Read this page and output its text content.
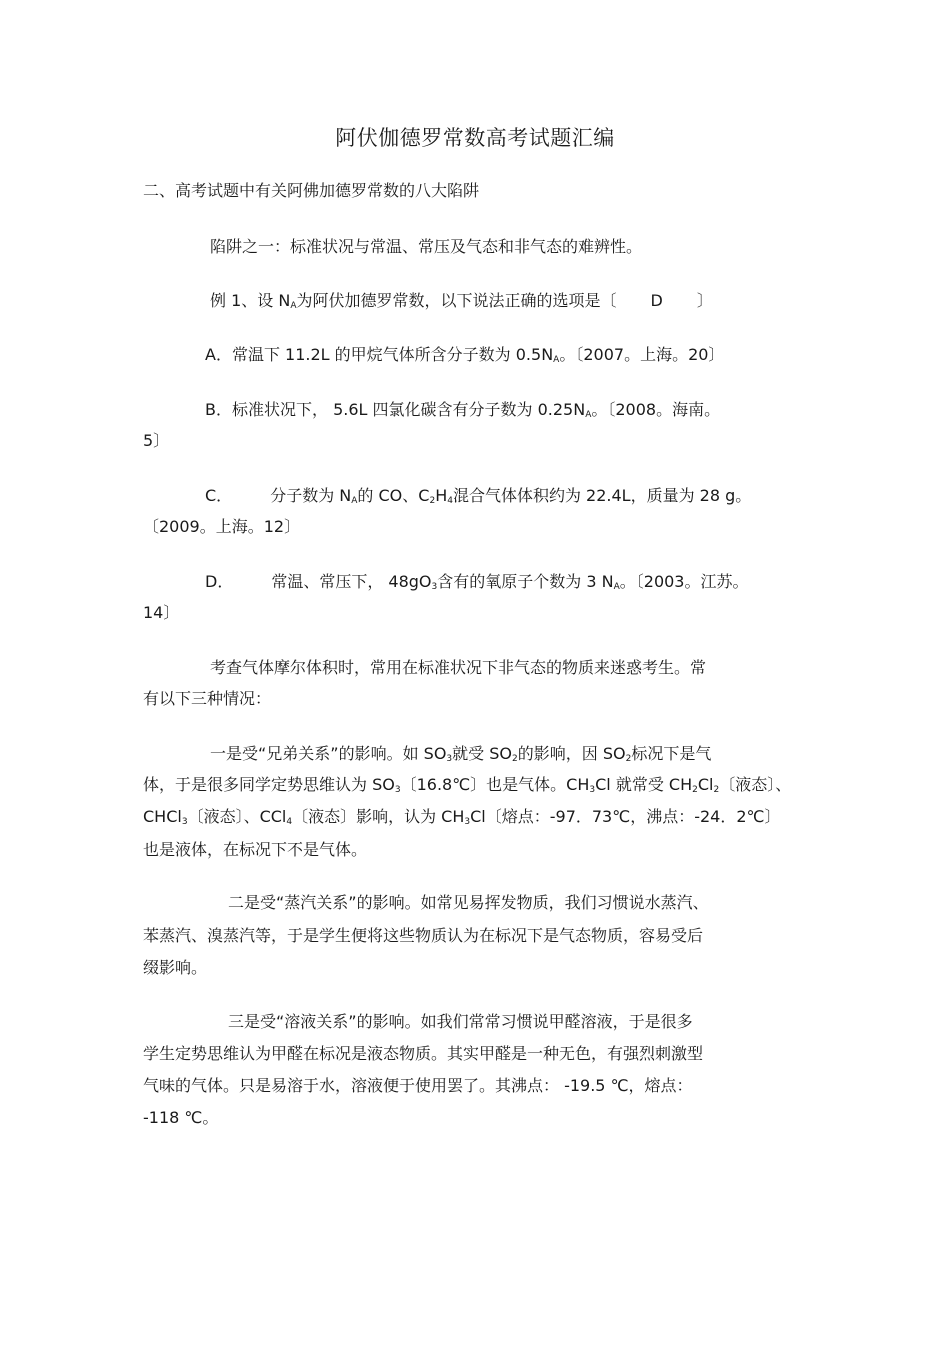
阿伏伽德罗常数高考试题汇编
二、高考试题中有关阿佛加德罗常数的八大陷阱
陷阱之一：标准状况与常温、常压及气态和非气态的难辨性。
例 1、设 $N_A$为阿伏加德罗常数，以下说法正确的选项是〔 D 〕
A．常温下 11.2L 的甲烷气体所含分子数为 $0.5N_A$。〔2007。上海。20〕
B．标准状况下， 5.6L 四氯化碳含有分子数为 $0.25N_A$。〔2008。海南。
5〕
C． 分子数为 $N_A$的 CO、$C_2H_4$混合气体体积约为 22.4L，质量为 28 g。
〔2009。上海。12〕
D． 常温、常压下， $48gO_3$含有的氧原子个数为 3 $N_A$。〔2003。江苏。
14〕
考查气体摩尔体积时，常用在标准状况下非气态的物质来迷惑考生。常
有以下三种情况：
一是受“兄弟关系”的影响。如 $SO_3$就受 $SO_2$的影响，因 $SO_2$标况下是气
体，于是很多同学定势思维认为 $SO_3$〔16.8℃〕也是气体。$CH_3Cl$ 就常受 $CH_2Cl_2$〔液态〕、
CHCl$_3$〔液态〕、CCl$_4$〔液态〕影响，认为 $CH_3Cl$〔熔点：-97．73℃，沸点：-24．2℃〕
也是液体，在标况下不是气体。
二是受“蒸汽关系”的影响。如常见易挥发物质，我们习惯说水蒸汽、
苯蒸汽、溴蒸汽等，于是学生便将这些物质认为在标况下是气态物质，容易受后
缀影响。
三是受“溶液关系”的影响。如我们常常习惯说甲醛溶液，于是很多
学生定势思维认为甲醛在标况是液态物质。其实甲醛是一种无色，有强烈刺激型
气味的气体。只是易溶于水，溶液便于使用罢了。其沸点： -19.5 ℃，熔点：
-118 ℃。
